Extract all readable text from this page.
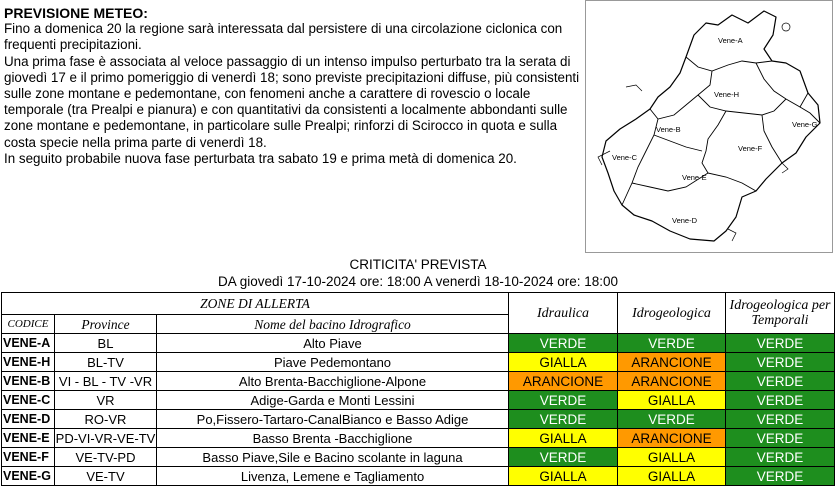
PREVISIONE METEO:

Fino a domenica 20 la regione sarà interessata dal persistere di una circolazione ciclonica con frequenti precipitazioni.

Una prima fase è associata al veloce passaggio di un intenso impulso perturbato tra la serata di giovedì 17 e il primo pomeriggio di venerdì 18; sono previste precipitazioni diffuse, più consistenti sulle zone montane e pedemontane, con fenomeni anche a carattere di rovescio o locale temporale (tra Prealpi e pianura) e con quantitativi da consistenti a localmente abbondanti sulle zone montane e pedemontane, in particolare sulle Prealpi; rinforzi di Scirocco in quota e sulla costa specie nella prima parte di venerdì 18.

In seguito probabile nuova fase perturbata tra sabato 19 e prima metà di domenica 20.

Vene-A
Vene-H
Vene-G
Vene-B
Vene-C
Vene-F
Vene-E
Vene-D
CRITICITA' PREVISTA
DA giovedì 17-10-2024 ore: 18:00 A venerdì 18-10-2024 ore: 18:00
ZONE DI ALLERTA			Idraulica	Idrogeologica	Idrogeologica per Temporali
CODICE	Province	Nome del bacino Idrografico			
VENE-A	BL	Alto Piave	VERDE	VERDE	VERDE
VENE-H	BL-TV	Piave Pedemontano	GIALLA	ARANCIONE	VERDE
VENE-B	VI - BL - TV -VR	Alto Brenta-Bacchiglione-Alpone	ARANCIONE	ARANCIONE	VERDE
VENE-C	VR	Adige-Garda e Monti Lessini	VERDE	GIALLA	VERDE
VENE-D	RO-VR	Po,Fissero-Tartaro-CanalBianco e Basso Adige	VERDE	VERDE	VERDE
VENE-E	PD-VI-VR-VE-TV	Basso Brenta -Bacchiglione	GIALLA	ARANCIONE	VERDE
VENE-F	VE-TV-PD	Basso Piave,Sile e Bacino scolante in laguna	VERDE	GIALLA	VERDE
VENE-G	VE-TV	Livenza, Lemene e Tagliamento	GIALLA	GIALLA	VERDE
